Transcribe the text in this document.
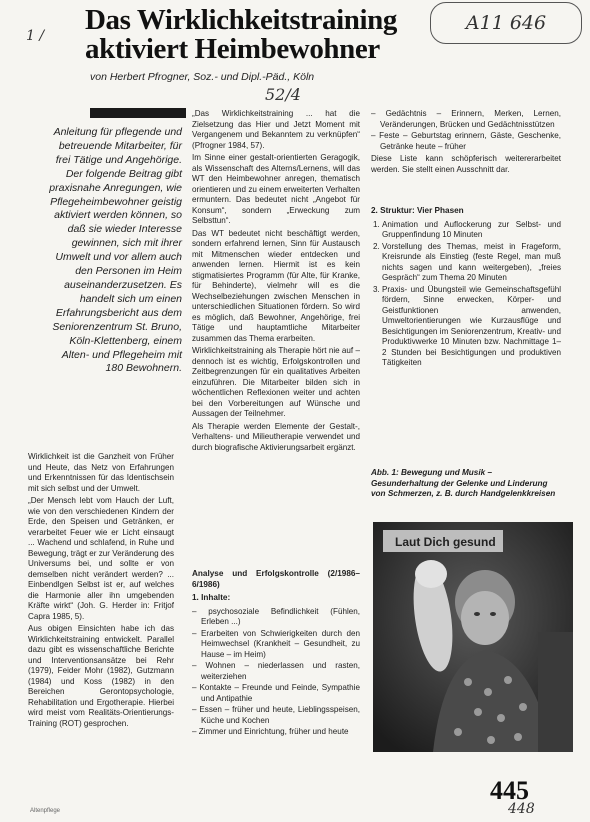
1 /
A11 646
52/4
Das Wirklichkeitstraining aktiviert Heimbewohner
von Herbert Pfrogner, Soz.- und Dipl.-Päd., Köln
Anleitung für pflegende und betreuende Mitarbeiter, für frei Tätige und Angehörige. Der folgende Beitrag gibt praxisnahe Anregungen, wie Pflegeheimbewohner geistig aktiviert werden können, so daß sie wieder Interesse gewinnen, sich mit ihrer Umwelt und vor allem auch den Personen im Heim auseinanderzusetzen. Es handelt sich um einen Erfahrungsbericht aus dem Seniorenzentrum St. Bruno, Köln-Klettenberg, einem Alten- und Pflegeheim mit 180 Bewohnern.

Wirklichkeit ist die Ganzheit von Früher und Heute, das Netz von Erfahrungen und Erkenntnissen für das Identischsein mit sich selbst und der Umwelt.

„Der Mensch lebt vom Hauch der Luft, wie von den verschiedenen Kindern der Erde, den Speisen und Getränken, er verarbeitet Feuer wie er Licht einsaugt ... Wachend und schlafend, in Ruhe und Bewegung, trägt er zur Veränderung des Universums bei, und sollte er von demselben nicht verändert werden? ... Einbendlgen Selbst ist er, auf welches die Harmonie aller ihn umgebenden Kräfte wirkt“ (Joh. G. Herder in: Fritjof Capra 1985, 5).

Aus obigen Einsichten habe ich das Wirklichkeitstraining entwickelt. Parallel dazu gibt es wissenschaftliche Berichte und Interventionsansätze bei Rehr (1979), Feider Mohr (1982), Gutzmann (1984) und Koss (1982) in den Bereichen Gerontopsychologie, Rehabilitation und Ergotherapie. Hierbei wird meist vom Realitäts-Orientierungs-Training (ROT) gesprochen.

„Das Wirklichkeitstraining ... hat die Zielsetzung das Hier und Jetzt Moment mit Vergangenem und Bekanntem zu verknüpfen“ (Pfrogner 1984, 57).

Im Sinne einer gestalt-orientierten Geragogik, als Wissenschaft des Alterns/Lernens, will das WT den Heimbewohner anregen, thematisch orientieren und zu einem erweiterten Verhalten ermuntern. Das bedeutet nicht „Angebot für Konsum“, sondern „Erweckung zum Selbsttun“.

Das WT bedeutet nicht beschäftigt werden, sondern erfahrend lernen, Sinn für Austausch mit Mitmenschen wieder entdecken und anwenden lernen. Hiermit ist es kein stigmatisiertes Programm (für Alte, für Kranke, für Behinderte), vielmehr will es die Wechselbeziehungen zwischen Menschen in unterschiedlichen Situationen fördern. So wird es möglich, daß Bewohner, Angehörige, frei Tätige und hauptamtliche Mitarbeiter zusammen das Thema erarbeiten.

Wirklichkeitstraining als Therapie hört nie auf – dennoch ist es wichtig, Erfolgskontrollen und Zeitbegrenzungen für ein qualitatives Arbeiten einzuführen. Die Mitarbeiter bilden sich in wöchentlichen Reflexionen weiter und achten bei den Vorbereitungen auf Wünsche und Aussagen der Teilnehmer.

Als Therapie werden Elemente der Gestalt-, Verhaltens- und Milieutherapie verwendet und durch biografische Aktivierungsarbeit ergänzt.

Analyse und Erfolgskontrolle (2/1986–6/1986)
1. Inhalte:
– psychosoziale Befindlichkeit (Fühlen, Erleben ...)
– Erarbeiten von Schwierigkeiten durch den Heimwechsel (Krankheit – Gesundheit, zu Hause – im Heim)
– Wohnen – niederlassen und rasten, weiterziehen
– Kontakte – Freunde und Feinde, Sympathie und Antipathie
– Essen – früher und heute, Lieblingsspeisen, Küche und Kochen
– Zimmer und Einrichtung, früher und heute
– Gedächtnis – Erinnern, Merken, Lernen, Veränderungen, Brücken und Gedächtnisstützen
– Feste – Geburtstag erinnern, Gäste, Geschenke, Getränke heute – früher

Diese Liste kann schöpferisch weitererarbeitet werden. Sie stellt einen Ausschnitt dar.

2. Struktur: Vier Phasen
1. Animation und Auflockerung zur Selbst- und Gruppenfindung 10 Minuten
2. Vorstellung des Themas, meist in Frageform, Kreisrunde als Einstieg (feste Regel, man muß nichts sagen und kann weitergeben), „freies Gespräch“ zum Thema 20 Minuten
3. Praxis- und Übungsteil wie Gemeinschaftsgefühl fördern, Sinne erwecken, Körper- und Geistfunktionen anwenden, Umweltorientierungen wie Kurzausflüge und Besichtigungen im Seniorenzentrum, Kreativ- und Produktivwerke 10 Minuten bzw. Nachmittage 1–2 Stunden bei Besichtigungen und produktiven Tätigkeiten
Abb. 1: Bewegung und Musik – Gesunderhaltung der Gelenke und Linderung von Schmerzen, z. B. durch Handgelenkkreisen
Laut Dich gesund
445
448
Altenpflege
